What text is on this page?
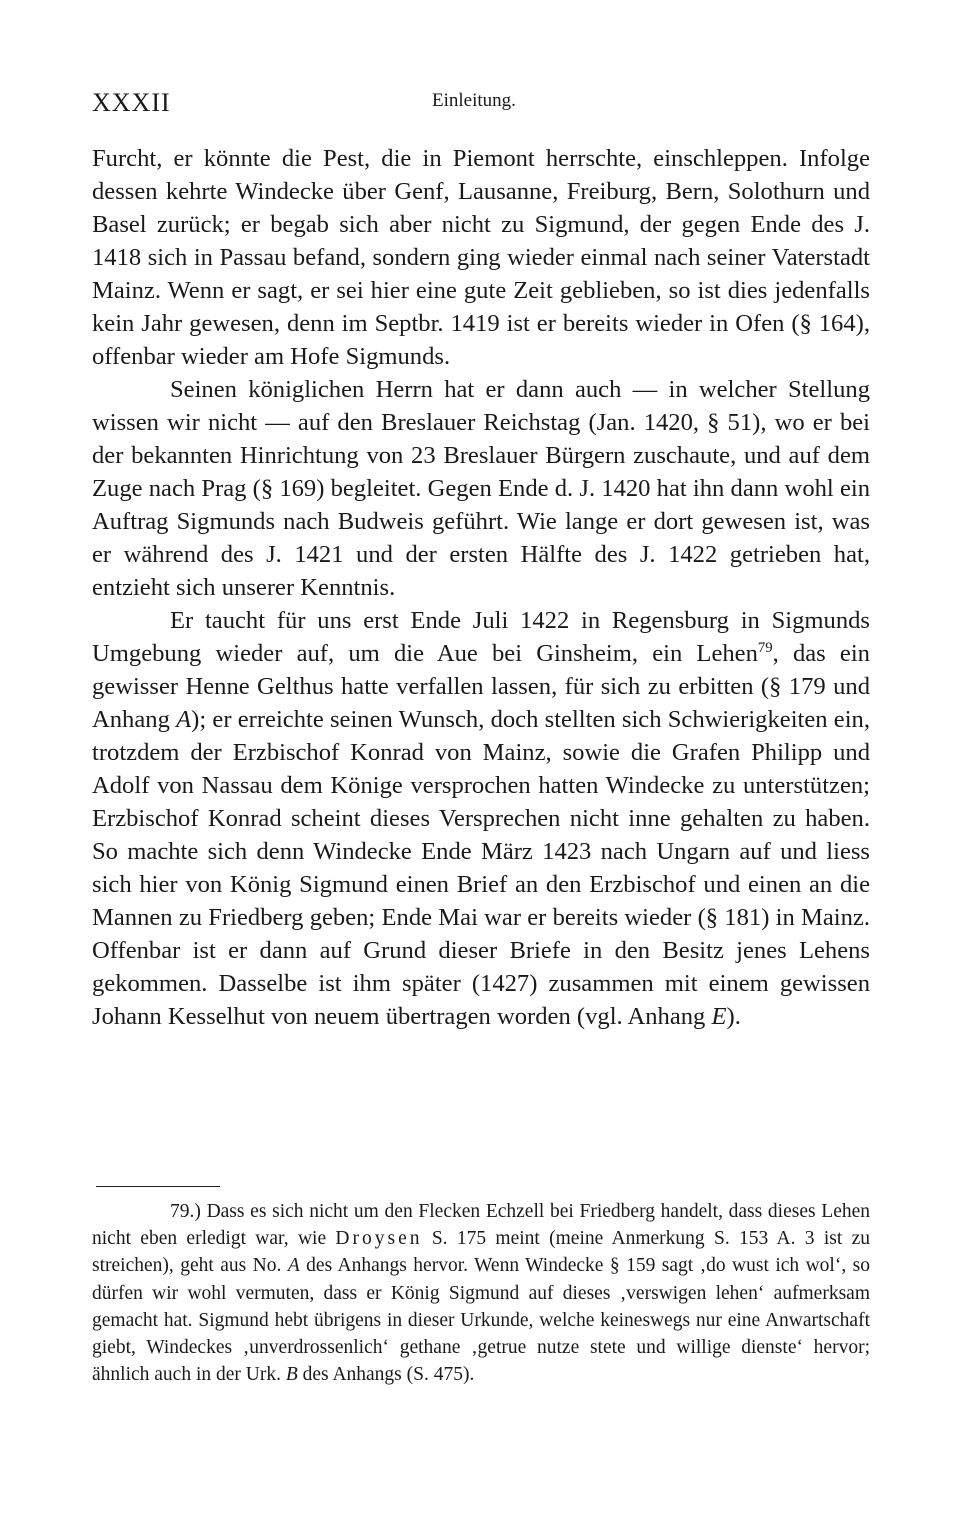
XXXII	Einleitung.

Furcht, er könnte die Pest, die in Piemont herrschte, einschleppen. Infolge dessen kehrte Windecke über Genf, Lausanne, Freiburg, Bern, Solothurn und Basel zurück; er begab sich aber nicht zu Sigmund, der gegen Ende des J. 1418 sich in Passau befand, sondern ging wieder einmal nach seiner Vaterstadt Mainz. Wenn er sagt, er sei hier eine gute Zeit geblieben, so ist dies jedenfalls kein Jahr gewesen, denn im Septbr. 1419 ist er bereits wieder in Ofen (§ 164), offenbar wieder am Hofe Sigmunds.

Seinen königlichen Herrn hat er dann auch — in welcher Stellung wissen wir nicht — auf den Breslauer Reichstag (Jan. 1420, § 51), wo er bei der bekannten Hinrichtung von 23 Breslauer Bürgern zuschaute, und auf dem Zuge nach Prag (§ 169) begleitet. Gegen Ende d. J. 1420 hat ihn dann wohl ein Auftrag Sigmunds nach Budweis geführt. Wie lange er dort gewesen ist, was er während des J. 1421 und der ersten Hälfte des J. 1422 getrieben hat, entzieht sich unserer Kenntnis.

Er taucht für uns erst Ende Juli 1422 in Regensburg in Sigmunds Umgebung wieder auf, um die Aue bei Ginsheim, ein Lehen$^{79}$, das ein gewisser Henne Gelthus hatte verfallen lassen, für sich zu erbitten (§ 179 und Anhang A); er erreichte seinen Wunsch, doch stellten sich Schwierigkeiten ein, trotzdem der Erzbischof Konrad von Mainz, sowie die Grafen Philipp und Adolf von Nassau dem Könige versprochen hatten Windecke zu unterstützen; Erzbischof Konrad scheint dieses Versprechen nicht inne gehalten zu haben. So machte sich denn Windecke Ende März 1423 nach Ungarn auf und liess sich hier von König Sigmund einen Brief an den Erzbischof und einen an die Mannen zu Friedberg geben; Ende Mai war er bereits wieder (§ 181) in Mainz. Offenbar ist er dann auf Grund dieser Briefe in den Besitz jenes Lehens gekommen. Dasselbe ist ihm später (1427) zusammen mit einem gewissen Johann Kesselhut von neuem übertragen worden (vgl. Anhang E).

79.) Dass es sich nicht um den Flecken Echzell bei Friedberg handelt, dass dieses Lehen nicht eben erledigt war, wie Droysen S. 175 meint (meine Anmerkung S. 153 A. 3 ist zu streichen), geht aus No. A des Anhangs hervor. Wenn Windecke § 159 sagt ‚do wust ich wol‘, so dürfen wir wohl vermuten, dass er König Sigmund auf dieses ‚verswigen lehen‘ aufmerksam gemacht hat. Sigmund hebt übrigens in dieser Urkunde, welche keineswegs nur eine Anwartschaft giebt, Windeckes ‚unverdrossenlich‘ gethane ‚getrue nutze stete und willige dienste‘ hervor; ähnlich auch in der Urk. B des Anhangs (S. 475).
